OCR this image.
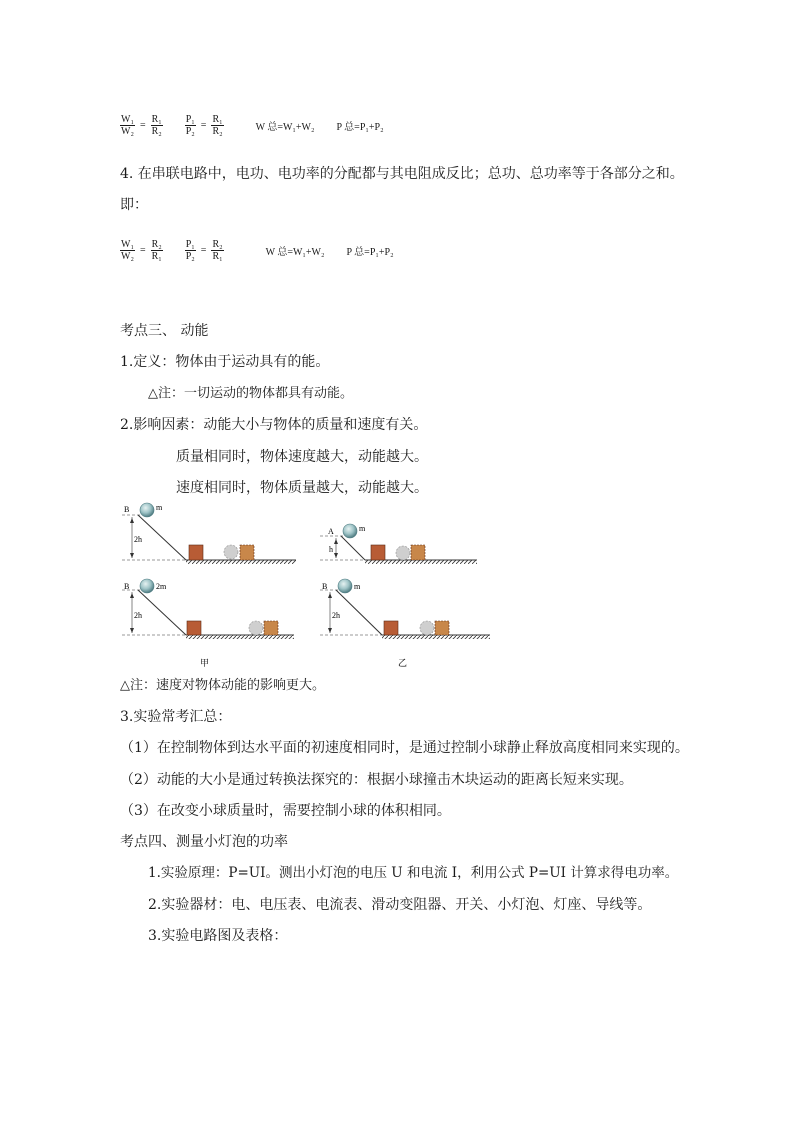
$\frac{\text{W₁}}{\text{W₂}} = \frac{\text{R₁}}{\text{R₂}} \frac{\text{P₁}}{\text{P₂}} = \frac{\text{R₁}}{\text{R₂}}$	W 总=W₁+W₂ P 总=P₁+P₂
4. 在串联电路中，电功、电功率的分配都与其电阻成反比；总功、总功率等于各部分之和。
即：
$\frac{\text{W₁}}{\text{W₂}} = \frac{\text{R₂}}{\text{R₁}} \frac{\text{P₁}}{\text{P₂}} = \frac{\text{R₂}}{\text{R₁}}$	W 总=W₁+W₂ P 总=P₁+P₂
考点三、 动能
1.定义：物体由于运动具有的能。
△注：一切运动的物体都具有动能。
2.影响因素：动能大小与物体的质量和速度有关。
质量相同时，物体速度越大，动能越大。
速度相同时，物体质量越大，动能越大。
2h
B	m
h
A	m
2h
B	2m
2h
B	m
甲	乙
△注：速度对物体动能的影响更大。
3.实验常考汇总：
（1）在控制物体到达水平面的初速度相同时，是通过控制小球静止释放高度相同来实现的。
（2）动能的大小是通过转换法探究的：根据小球撞击木块运动的距离长短来实现。
（3）在改变小球质量时，需要控制小球的体积相同。
考点四、测量小灯泡的功率
1.实验原理：P=UI。测出小灯泡的电压 U 和电流 I，利用公式 P=UI 计算求得电功率。
2.实验器材：电、电压表、电流表、滑动变阻器、开关、小灯泡、灯座、导线等。
3.实验电路图及表格：
